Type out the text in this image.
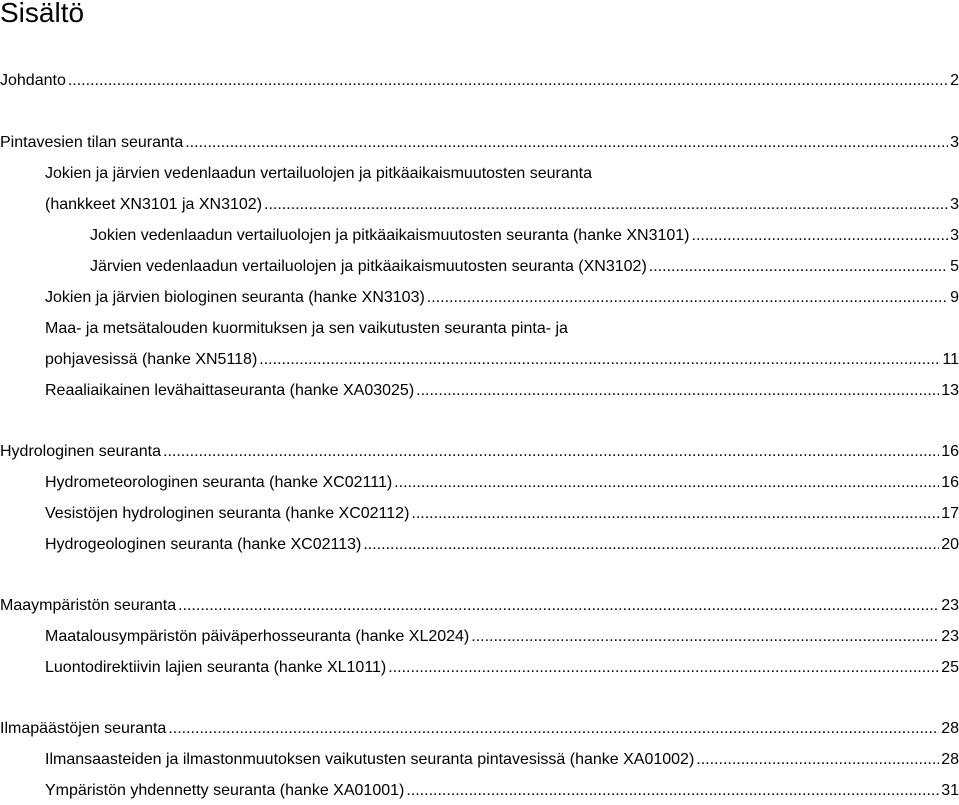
Sisältö
Johdanto .....	2
Pintavesien tilan seuranta .....	3
Jokien ja järvien vedenlaadun vertailuolojen ja pitkäaikaismuutosten seuranta
(hankkeet XN3101 ja XN3102) .....	3
Jokien vedenlaadun vertailuolojen ja pitkäaikaismuutosten seuranta (hanke XN3101) .....	3
Järvien vedenlaadun vertailuolojen ja pitkäaikaismuutosten seuranta (XN3102) .....	5
Jokien ja järvien biologinen seuranta (hanke XN3103) .....	9
Maa- ja metsätalouden kuormituksen ja sen vaikutusten seuranta pinta- ja
pohjavesissä (hanke XN5118) .....	11
Reaaliaikainen levähaittaseuranta (hanke XA03025) .....	13
Hydrologinen seuranta .....	16
Hydrometeorologinen seuranta (hanke XC02111) .....	16
Vesistöjen hydrologinen seuranta (hanke XC02112) .....	17
Hydrogeologinen seuranta (hanke XC02113) .....	20
Maaympäristön seuranta .....	23
Maatalousympäristön päiväperhosseuranta (hanke XL2024) .....	23
Luontodirektiivin lajien seuranta (hanke XL1011) .....	25
Ilmapäästöjen seuranta .....	28
Ilmansaasteiden ja ilmastonmuutoksen vaikutusten seuranta pintavesissä (hanke XA01002) .....	28
Ympäristön yhdennetty seuranta (hanke XA01001) .....	31
